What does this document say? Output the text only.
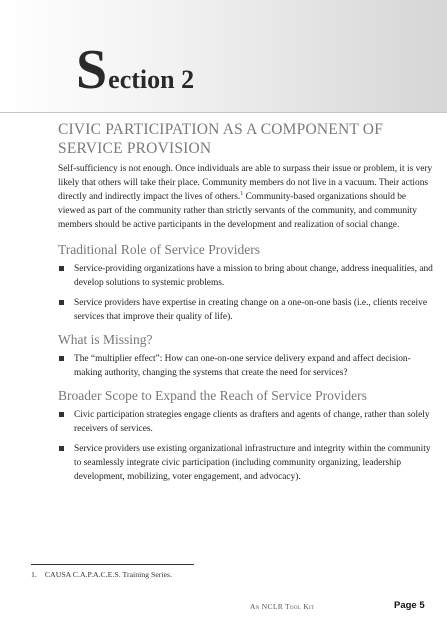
Section 2
CIVIC PARTICIPATION AS A COMPONENT OF SERVICE PROVISION

Self-sufficiency is not enough. Once individuals are able to surpass their issue or problem, it is very likely that others will take their place. Community members do not live in a vacuum. Their actions directly and indirectly impact the lives of others.$^1$ Community-based organizations should be viewed as part of the community rather than strictly servants of the community, and community members should be active participants in the development and realization of social change.

Traditional Role of Service Providers
Service-providing organizations have a mission to bring about change, address inequalities, and develop solutions to systemic problems.
Service providers have expertise in creating change on a one-on-one basis (i.e., clients receive services that improve their quality of life).
What is Missing?
The “multiplier effect”: How can one-on-one service delivery expand and affect decision-making authority, changing the systems that create the need for services?
Broader Scope to Expand the Reach of Service Providers
Civic participation strategies engage clients as drafters and agents of change, rather than solely receivers of services.
Service providers use existing organizational infrastructure and integrity within the community to seamlessly integrate civic participation (including community organizing, leadership development, mobilizing, voter engagement, and advocacy).
1. CAUSA C.A.P.A.C.E.S. Training Series.
An NCLR Tool Kit	Page 5
